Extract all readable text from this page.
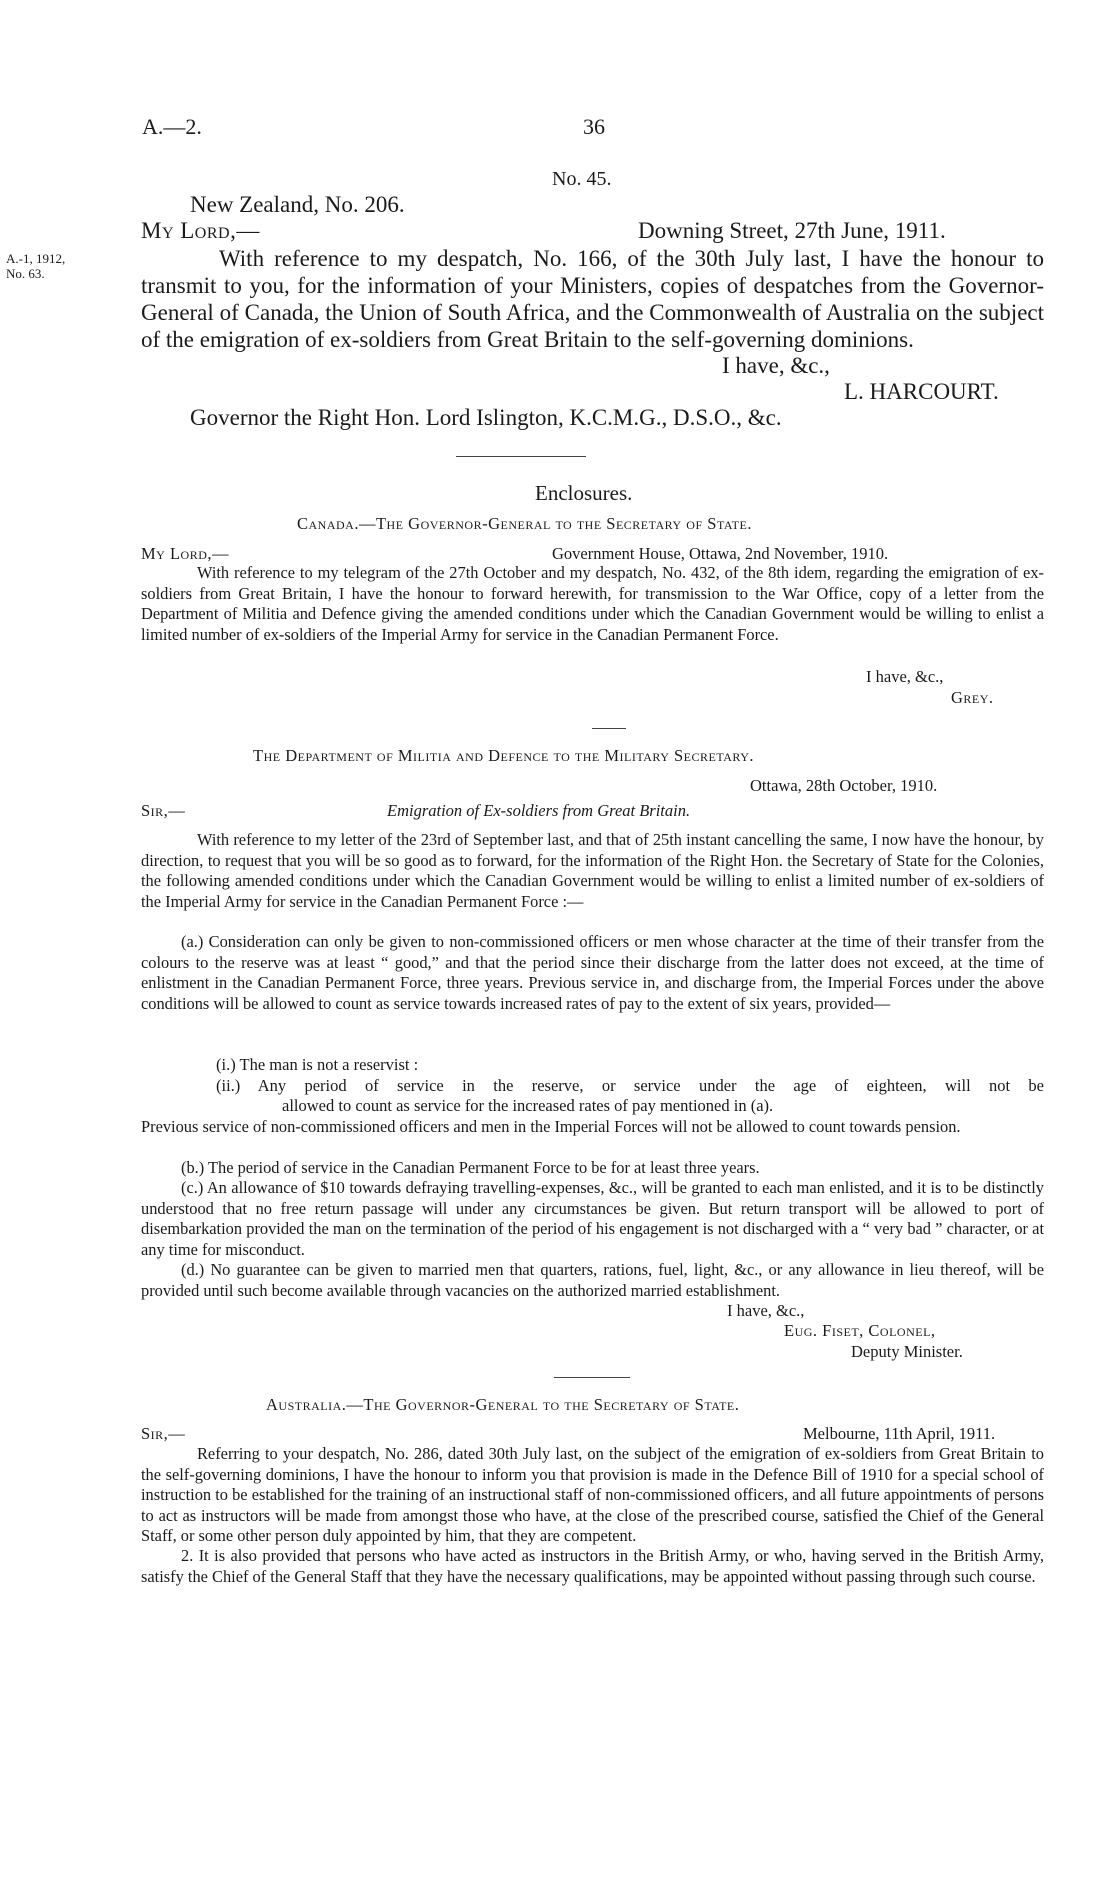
A.—2.	36
No. 45.
New Zealand, No. 206.
My Lord,—	Downing Street, 27th June, 1911.
A.-1, 1912,
No. 63.
With reference to my despatch, No. 166, of the 30th July last, I have the honour to transmit to you, for the information of your Ministers, copies of despatches from the Governor-General of Canada, the Union of South Africa, and the Commonwealth of Australia on the subject of the emigration of ex-soldiers from Great Britain to the self-governing dominions.
I have, &c.,
L. HARCOURT.
Governor the Right Hon. Lord Islington, K.C.M.G., D.S.O., &c.
Enclosures.
Canada.—The Governor-General to the Secretary of State.
My Lord,—	Government House, Ottawa, 2nd November, 1910.
With reference to my telegram of the 27th October and my despatch, No. 432, of the 8th idem, regarding the emigration of ex-soldiers from Great Britain, I have the honour to forward herewith, for transmission to the War Office, copy of a letter from the Department of Militia and Defence giving the amended conditions under which the Canadian Government would be willing to enlist a limited number of ex-soldiers of the Imperial Army for service in the Canadian Permanent Force.
I have, &c.,
Grey.
The Department of Militia and Defence to the Military Secretary.
Ottawa, 28th October, 1910.
Sir,—	Emigration of Ex-soldiers from Great Britain.
With reference to my letter of the 23rd of September last, and that of 25th instant cancelling the same, I now have the honour, by direction, to request that you will be so good as to forward, for the information of the Right Hon. the Secretary of State for the Colonies, the following amended conditions under which the Canadian Government would be willing to enlist a limited number of ex-soldiers of the Imperial Army for service in the Canadian Permanent Force :—
(a.) Consideration can only be given to non-commissioned officers or men whose character at the time of their transfer from the colours to the reserve was at least “ good,” and that the period since their discharge from the latter does not exceed, at the time of enlistment in the Canadian Permanent Force, three years. Previous service in, and discharge from, the Imperial Forces under the above conditions will be allowed to count as service towards increased rates of pay to the extent of six years, provided—
(i.) The man is not a reservist :
(ii.) Any period of service in the reserve, or service under the age of eighteen, will not be
allowed to count as service for the increased rates of pay mentioned in (a).
Previous service of non-commissioned officers and men in the Imperial Forces will not be allowed to count towards pension.
(b.) The period of service in the Canadian Permanent Force to be for at least three years.
(c.) An allowance of $10 towards defraying travelling-expenses, &c., will be granted to each man enlisted, and it is to be distinctly understood that no free return passage will under any circumstances be given. But return transport will be allowed to port of disembarkation provided the man on the termination of the period of his engagement is not discharged with a “ very bad ” character, or at any time for misconduct.
(d.) No guarantee can be given to married men that quarters, rations, fuel, light, &c., or any allowance in lieu thereof, will be provided until such become available through vacancies on the authorized married establishment.
I have, &c.,
Eug. Fiset, Colonel,
Deputy Minister.
Australia.—The Governor-General to the Secretary of State.
Sir,—	Melbourne, 11th April, 1911.
Referring to your despatch, No. 286, dated 30th July last, on the subject of the emigration of ex-soldiers from Great Britain to the self-governing dominions, I have the honour to inform you that provision is made in the Defence Bill of 1910 for a special school of instruction to be established for the training of an instructional staff of non-commissioned officers, and all future appointments of persons to act as instructors will be made from amongst those who have, at the close of the prescribed course, satisfied the Chief of the General Staff, or some other person duly appointed by him, that they are competent.
2. It is also provided that persons who have acted as instructors in the British Army, or who, having served in the British Army, satisfy the Chief of the General Staff that they have the necessary qualifications, may be appointed without passing through such course.
